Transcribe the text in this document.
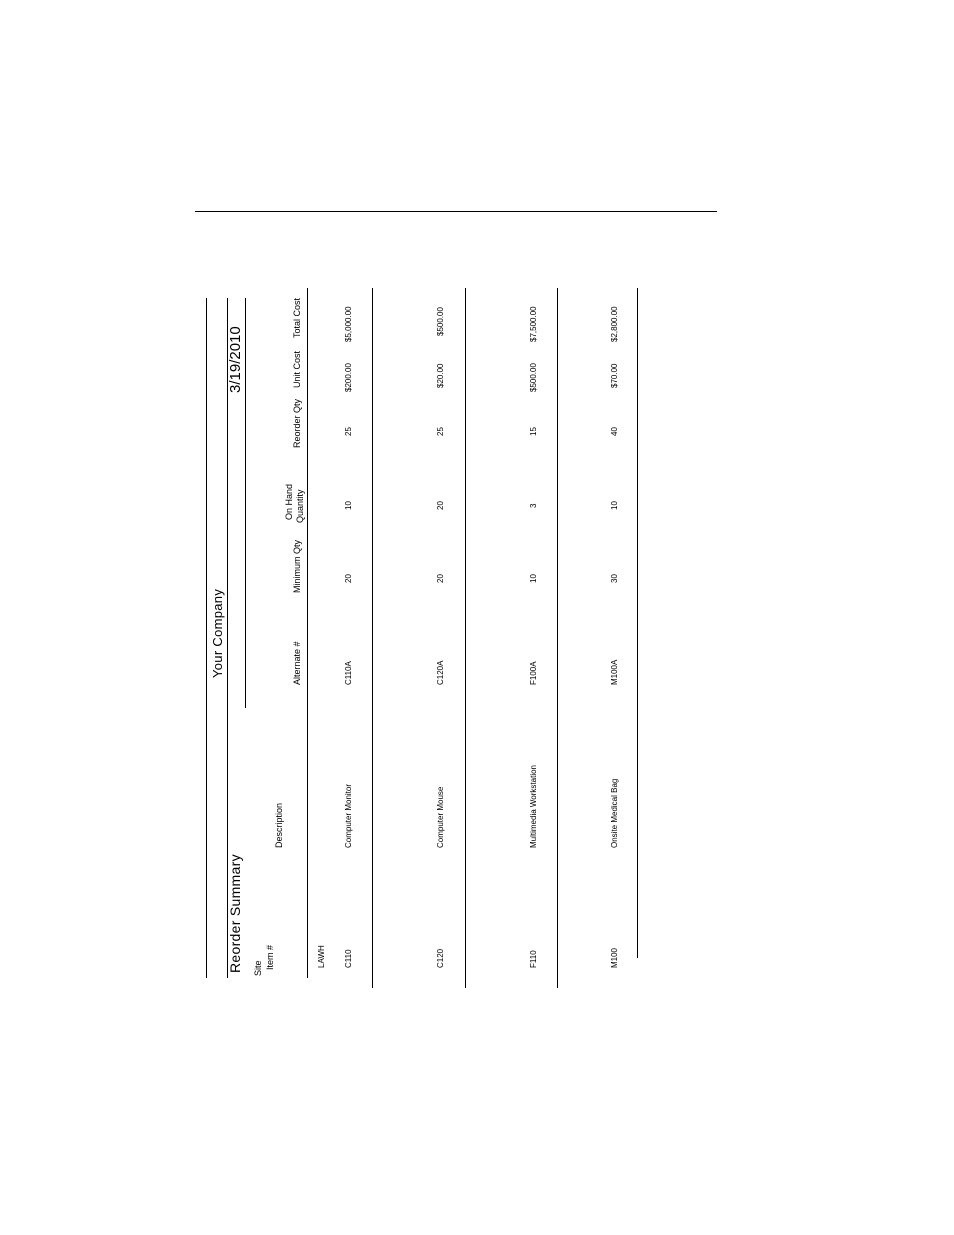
Reorder Summary
Your Company
3/19/2010
Site Item #
Description
Alternate #
Minimum Qty
On Hand Quantity
Reorder Qty
Unit Cost
Total Cost
LAWH C110
Computer Monitor
C110A
20
10
25
$200.00
$5,000.00
C120
Computer Mouse
C120A
20
20
25
$20.00
$500.00
F110
Multimedia Workstation
F100A
10
3
15
$500.00
$7,500.00
M100
Onsite Medical Bag
M100A
30
10
40
$70.00
$2,800.00
